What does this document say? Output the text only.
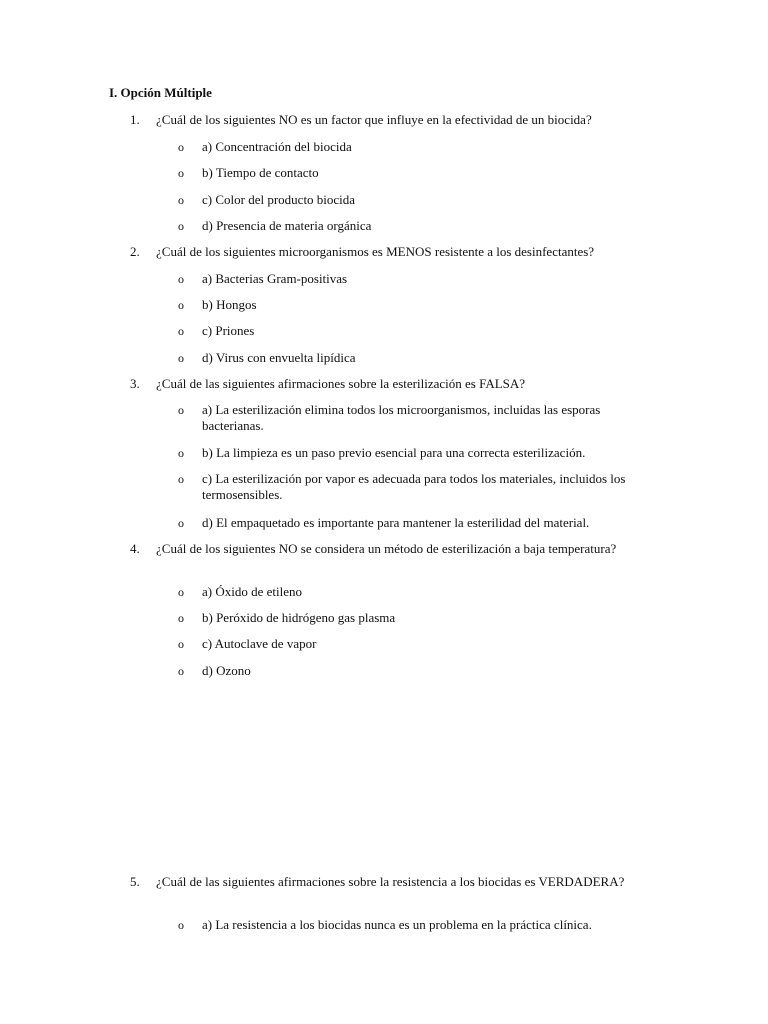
I. Opción Múltiple
1.	¿Cuál de los siguientes NO es un factor que influye en la efectividad de un biocida?
o a) Concentración del biocida
o b) Tiempo de contacto
o c) Color del producto biocida
o d) Presencia de materia orgánica
2.	¿Cuál de los siguientes microorganismos es MENOS resistente a los desinfectantes?
o a) Bacterias Gram-positivas
o b) Hongos
o c) Priones
o d) Virus con envuelta lipídica
3.	¿Cuál de las siguientes afirmaciones sobre la esterilización es FALSA?
o a) La esterilización elimina todos los microorganismos, incluidas las esporas bacterianas.
o b) La limpieza es un paso previo esencial para una correcta esterilización.
o c) La esterilización por vapor es adecuada para todos los materiales, incluidos los termosensibles.
o d) El empaquetado es importante para mantener la esterilidad del material.
4.	¿Cuál de los siguientes NO se considera un método de esterilización a baja temperatura?
o a) Óxido de etileno
o b) Peróxido de hidrógeno gas plasma
o c) Autoclave de vapor
o d) Ozono
5.	¿Cuál de las siguientes afirmaciones sobre la resistencia a los biocidas es VERDADERA?
o a) La resistencia a los biocidas nunca es un problema en la práctica clínica.
